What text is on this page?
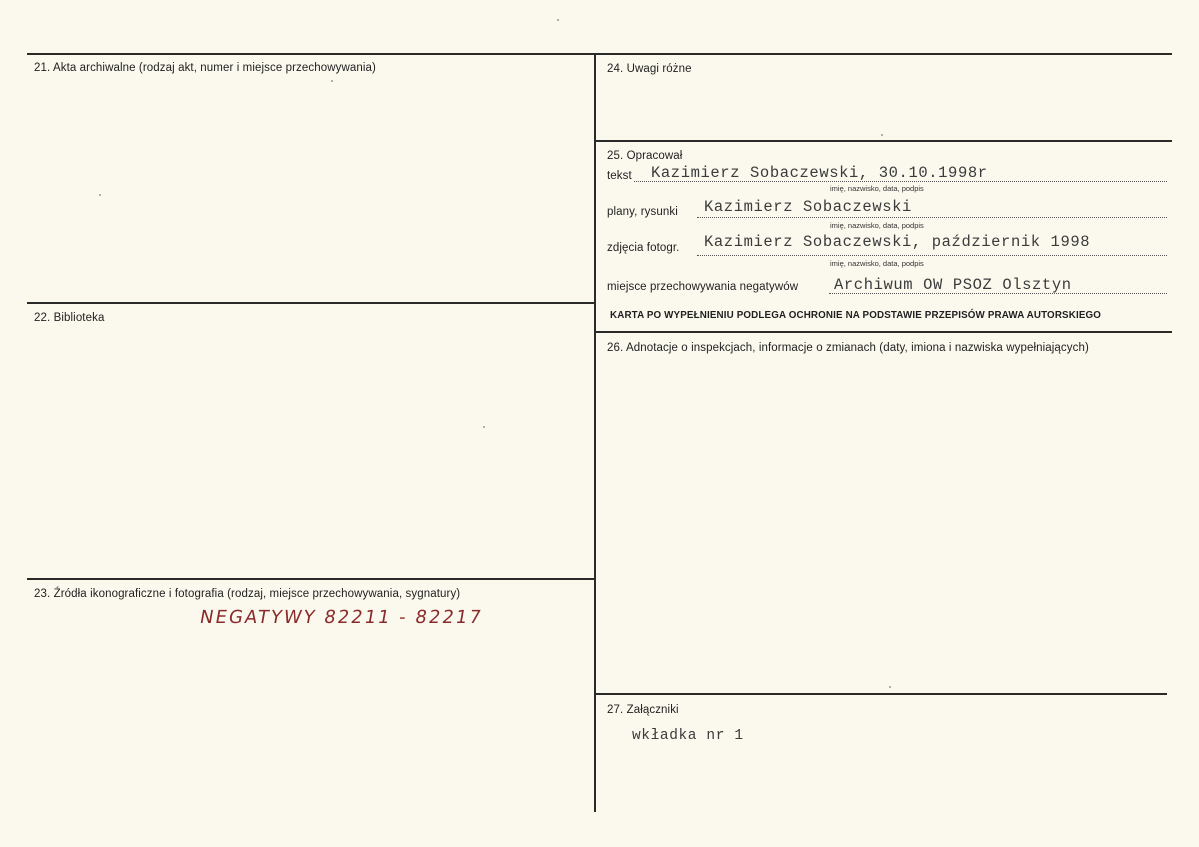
21. Akta archiwalne (rodzaj akt, numer i miejsce przechowywania)
22. Biblioteka
23. Źródła ikonograficzne i fotografia (rodzaj, miejsce przechowywania, sygnatury)
NEGATYWY 82211 - 82217
24. Uwagi różne
25. Opracował
tekst Kazimierz Sobaczewski, 30.10.1998r
imię, nazwisko, data, podpis
plany, rysunki Kazimierz Sobaczewski
imię, nazwisko, data, podpis
zdjęcia fotogr. Kazimierz Sobaczewski, październik 1998
imię, nazwisko, data, podpis
miejsce przechowywania negatywów Archiwum OW PSOZ Olsztyn
KARTA PO WYPEŁNIENIU PODLEGA OCHRONIE NA PODSTAWIE PRZEPISÓW PRAWA AUTORSKIEGO
26. Adnotacje o inspekcjach, informacje o zmianach (daty, imiona i nazwiska wypełniających)
27. Załączniki
wkładka nr 1
